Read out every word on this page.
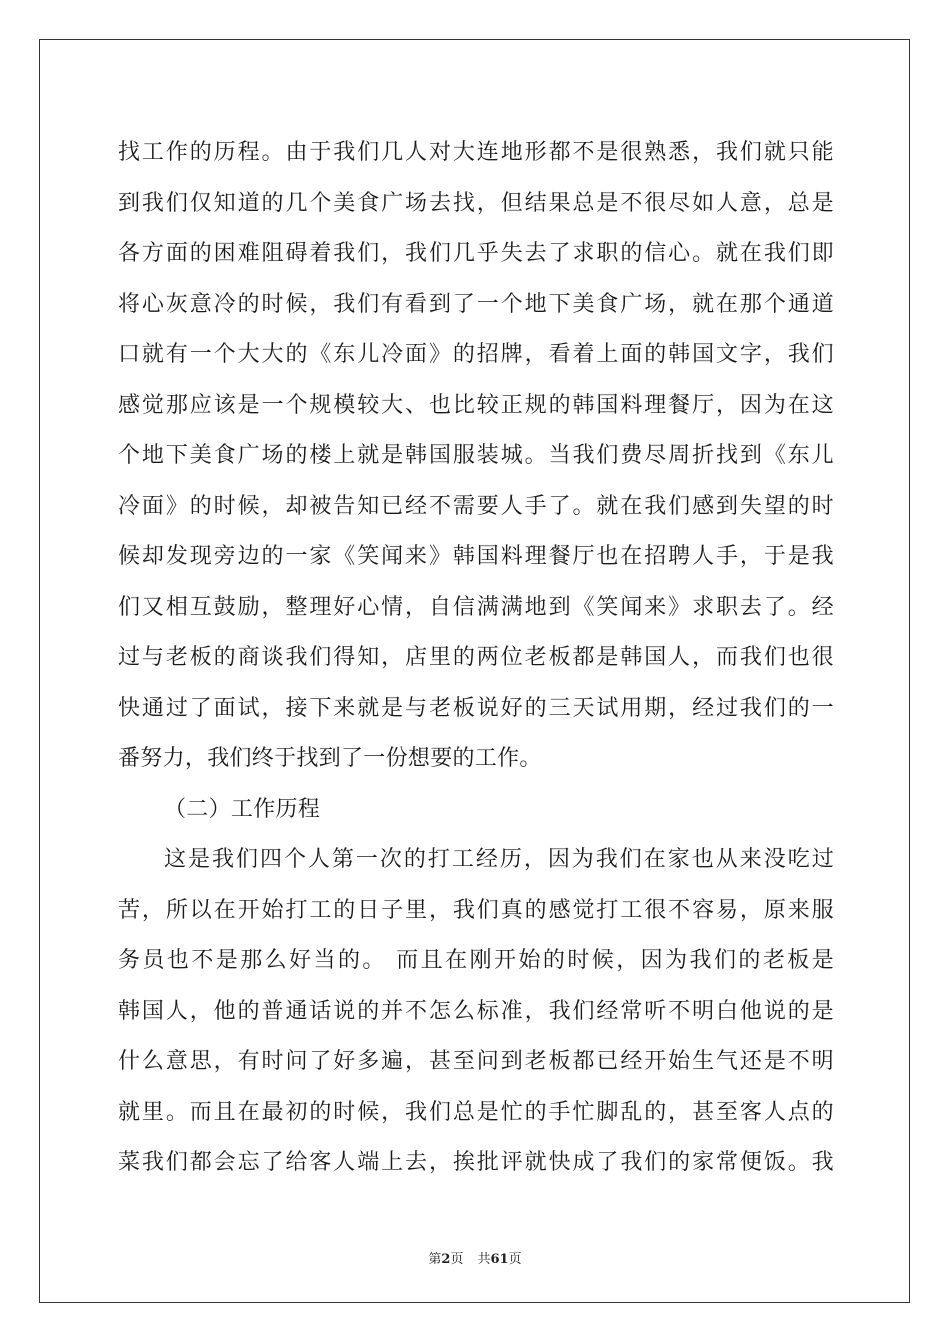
找工作的历程。由于我们几人对大连地形都不是很熟悉，我们就只能
到我们仅知道的几个美食广场去找，但结果总是不很尽如人意，总是
各方面的困难阻碍着我们，我们几乎失去了求职的信心。就在我们即
将心灰意冷的时候，我们有看到了一个地下美食广场，就在那个通道
口就有一个大大的《东儿冷面》的招牌，看着上面的韩国文字，我们
感觉那应该是一个规模较大、也比较正规的韩国料理餐厅，因为在这
个地下美食广场的楼上就是韩国服装城。当我们费尽周折找到《东儿
冷面》的时候，却被告知已经不需要人手了。就在我们感到失望的时
候却发现旁边的一家《笑闻来》韩国料理餐厅也在招聘人手，于是我
们又相互鼓励，整理好心情，自信满满地到《笑闻来》求职去了。经
过与老板的商谈我们得知，店里的两位老板都是韩国人，而我们也很
快通过了面试，接下来就是与老板说好的三天试用期，经过我们的一
番努力，我们终于找到了一份想要的工作。
（二）工作历程
这是我们四个人第一次的打工经历，因为我们在家也从来没吃过
苦，所以在开始打工的日子里，我们真的感觉打工很不容易，原来服
务员也不是那么好当的。 而且在刚开始的时候，因为我们的老板是
韩国人，他的普通话说的并不怎么标准，我们经常听不明白他说的是
什么意思，有时问了好多遍，甚至问到老板都已经开始生气还是不明
就里。而且在最初的时候，我们总是忙的手忙脚乱的，甚至客人点的
菜我们都会忘了给客人端上去，挨批评就快成了我们的家常便饭。我
第2页 共61页
